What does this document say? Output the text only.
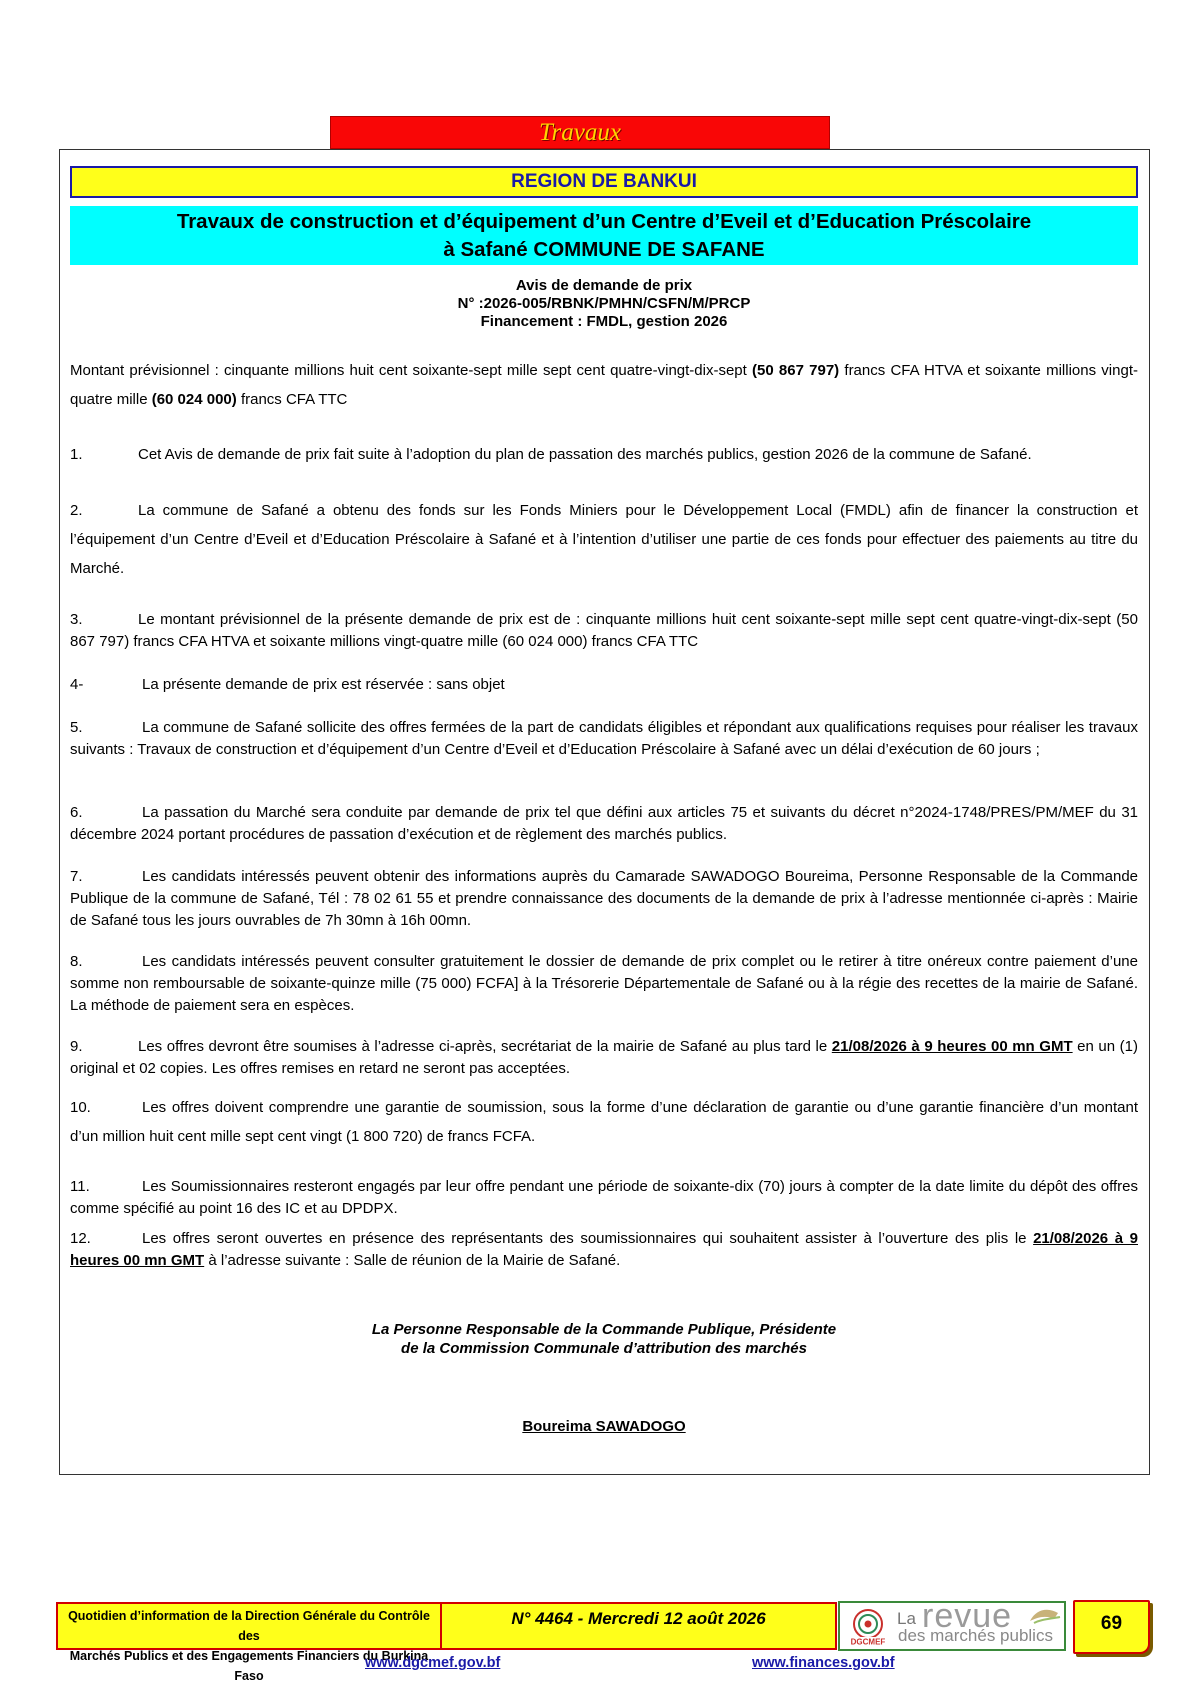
Travaux
REGION DE BANKUI
Travaux de construction et d’équipement d’un Centre d’Eveil et d’Education Préscolaire
à Safané COMMUNE DE SAFANE
Avis de demande de prix
N° :2026-005/RBNK/PMHN/CSFN/M/PRCP
Financement : FMDL, gestion 2026

Montant prévisionnel : cinquante millions huit cent soixante-sept mille sept cent quatre-vingt-dix-sept (50 867 797) francs CFA HTVA et soixante millions vingt-quatre mille (60 024 000) francs CFA TTC

1.	Cet Avis de demande de prix fait suite à l’adoption du plan de passation des marchés publics, gestion 2026 de la commune de Safané.

2.	La commune de Safané a obtenu des fonds sur les Fonds Miniers pour le Développement Local (FMDL) afin de financer la construction et l’équipement d’un Centre d’Eveil et d’Education Préscolaire à Safané et à l’intention d’utiliser une partie de ces fonds pour effectuer des paiements au titre du Marché.

3.	Le montant prévisionnel de la présente demande de prix est de : cinquante millions huit cent soixante-sept mille sept cent quatre-vingt-dix-sept (50 867 797) francs CFA HTVA et soixante millions vingt-quatre mille (60 024 000) francs CFA TTC

4-	La présente demande de prix est réservée : sans objet

5.	La commune de Safané sollicite des offres fermées de la part de candidats éligibles et répondant aux qualifications requises pour réaliser les travaux suivants : Travaux de construction et d’équipement d’un Centre d’Eveil et d’Education Préscolaire à Safané avec un délai d’exécution de 60 jours ;

6.	La passation du Marché sera conduite par demande de prix tel que défini aux articles 75 et suivants du décret n°2024-1748/PRES/PM/MEF du 31 décembre 2024 portant procédures de passation d’exécution et de règlement des marchés publics.

7.	Les candidats intéressés peuvent obtenir des informations auprès du Camarade SAWADOGO Boureima, Personne Responsable de la Commande Publique de la commune de Safané, Tél : 78 02 61 55 et prendre connaissance des documents de la demande de prix à l’adresse mentionnée ci-après : Mairie de Safané tous les jours ouvrables de 7h 30mn à 16h 00mn.

8.	Les candidats intéressés peuvent consulter gratuitement le dossier de demande de prix complet ou le retirer à titre onéreux contre paiement d’une somme non remboursable de soixante-quinze mille (75 000) FCFA] à la Trésorerie Départementale de Safané ou à la régie des recettes de la mairie de Safané. La méthode de paiement sera en espèces.

9.	Les offres devront être soumises à l’adresse ci-après, secrétariat de la mairie de Safané au plus tard le 21/08/2026 à 9 heures 00 mn GMT en un (1) original et 02 copies. Les offres remises en retard ne seront pas acceptées.

10.	Les offres doivent comprendre une garantie de soumission, sous la forme d’une déclaration de garantie ou d’une garantie financière d’un montant d’un million huit cent mille sept cent vingt (1 800 720) de francs FCFA.

11.	Les Soumissionnaires resteront engagés par leur offre pendant une période de soixante-dix (70) jours à compter de la date limite du dépôt des offres comme spécifié au point 16 des IC et au DPDPX.

12.	Les offres seront ouvertes en présence des représentants des soumissionnaires qui souhaitent assister à l’ouverture des plis le 21/08/2026 à 9 heures 00 mn GMT à l’adresse suivante : Salle de réunion de la Mairie de Safané.

La Personne Responsable de la Commande Publique, Présidente
de la Commission Communale d’attribution des marchés
Boureima SAWADOGO
Quotidien d’information de la Direction Générale du Contrôle des
Marchés Publics et des Engagements Financiers du Burkina Faso
N° 4464 - Mercredi 12 août 2026
DGCMEF
La revue
des marchés publics
69
www.dgcmef.gov.bf	www.finances.gov.bf
